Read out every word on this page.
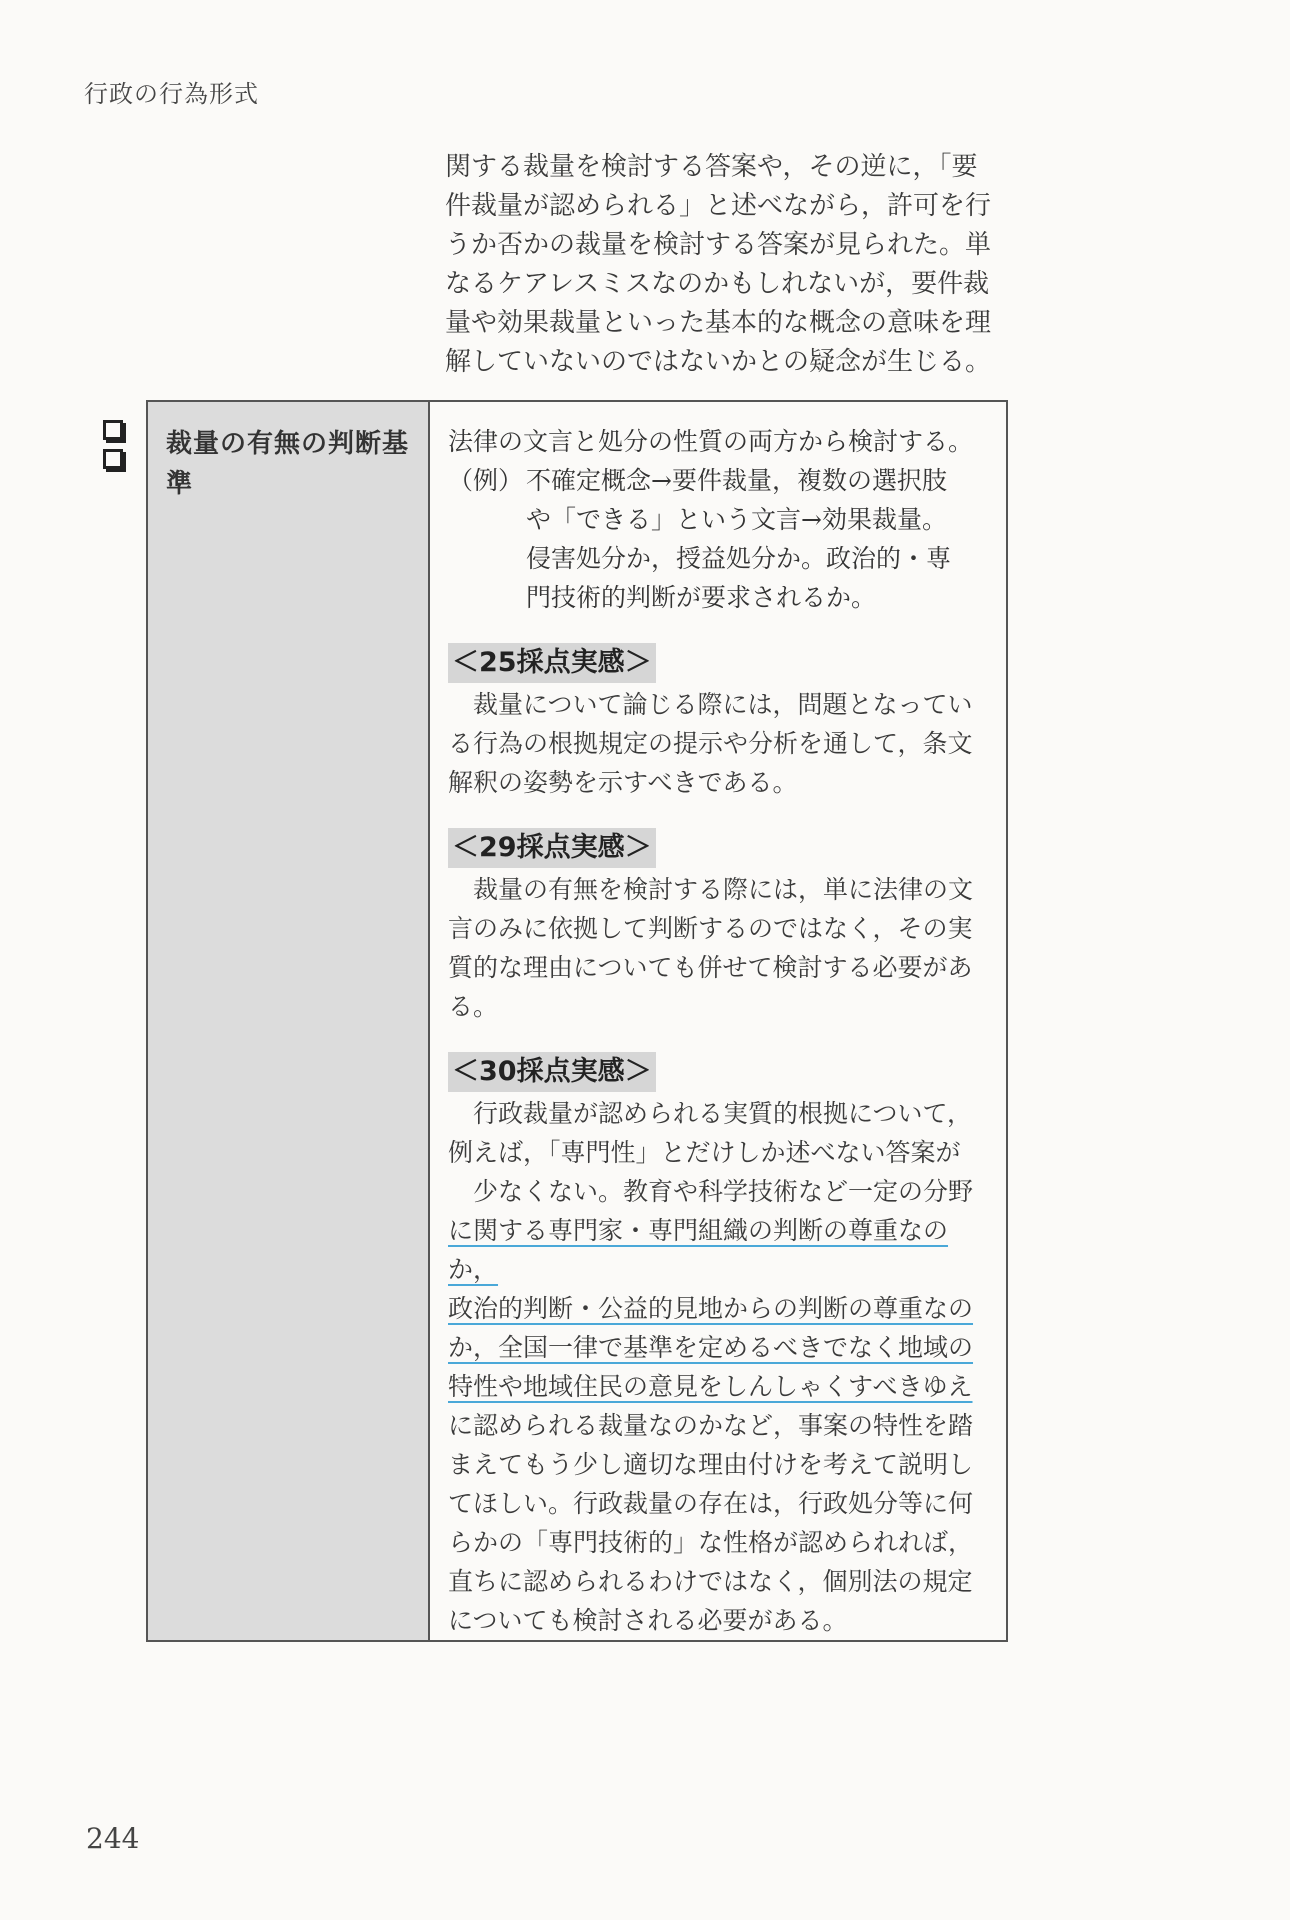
行政の行為形式

関する裁量を検討する答案や，その逆に，「要

件裁量が認められる」と述べながら，許可を行

うか否かの裁量を検討する答案が見られた。単

なるケアレスミスなのかもしれないが，要件裁

量や効果裁量といった基本的な概念の意味を理

解していないのではないかとの疑念が生じる。

裁量の有無の判断基準

法律の文言と処分の性質の両方から検討する。

（例） 不確定概念→要件裁量，複数の選択肢
や「できる」という文言→効果裁量。
侵害処分か，授益処分か。政治的・専
門技術的判断が要求されるか。
＜25採点実感＞

　裁量について論じる際には，問題となってい

る行為の根拠規定の提示や分析を通して，条文

解釈の姿勢を示すべきである。

＜29採点実感＞

　裁量の有無を検討する際には，単に法律の文

言のみに依拠して判断するのではなく，その実

質的な理由についても併せて検討する必要があ

る。

＜30採点実感＞

　行政裁量が認められる実質的根拠について，

例えば，「専門性」とだけしか述べない答案が

　少なくない。教育や科学技術など一定の分野

に関する専門家・専門組織の判断の尊重なのか，

政治的判断・公益的見地からの判断の尊重なの

か，全国一律で基準を定めるべきでなく地域の

特性や地域住民の意見をしんしゃくすべきゆえ

に認められる裁量なのかなど，事案の特性を踏

まえてもう少し適切な理由付けを考えて説明し

てほしい。行政裁量の存在は，行政処分等に何

らかの「専門技術的」な性格が認められれば，

直ちに認められるわけではなく，個別法の規定

についても検討される必要がある。

244
